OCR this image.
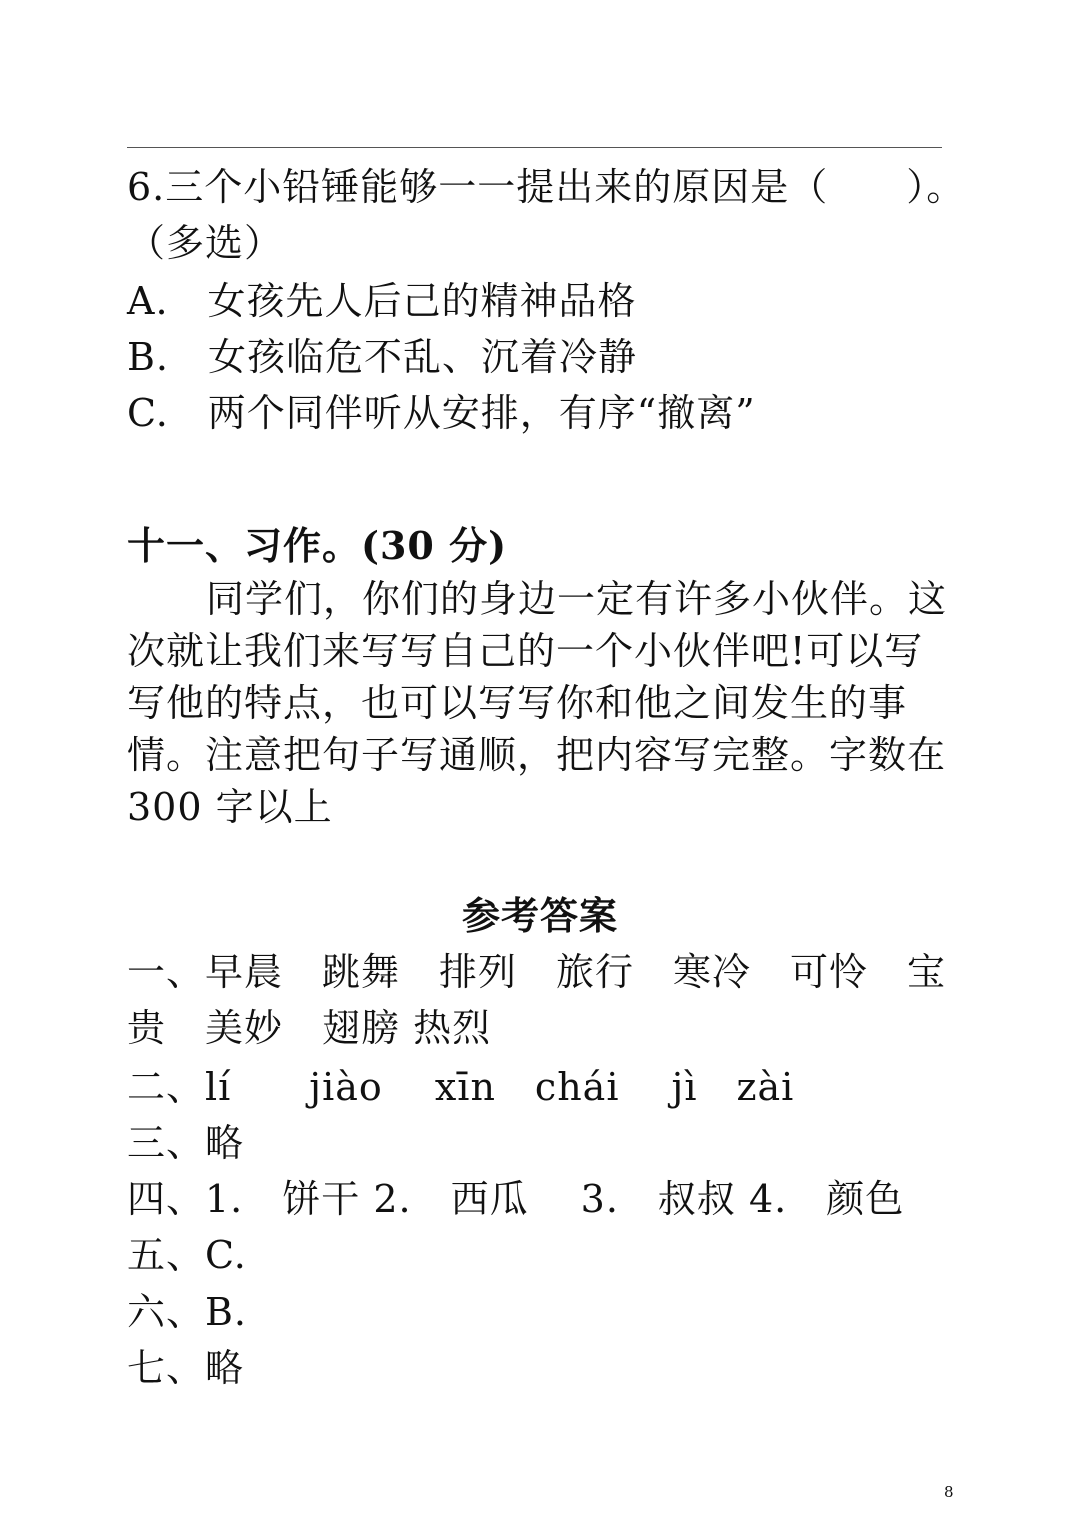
6.三个小铅锤能够一一提出来的原因是（　　）。
（多选）
A.　女孩先人后己的精神品格
B.　女孩临危不乱、沉着冷静
C.　两个同伴听从安排，有序“撤离”
十一、习作。(30 分)
同学们，你们的身边一定有许多小伙伴。这
次就让我们来写写自己的一个小伙伴吧!可以写
写他的特点，也可以写写你和他之间发生的事
情。注意把句子写通顺，把内容写完整。字数在
300 字以上
参考答案
一、早晨　跳舞　排列　旅行　寒冷　可怜　宝
贵　美妙　翅膀 热烈
二、lí　　jiào　 xīn　chái　 jì　zài
三、略
四、1.　饼干 2.　西瓜　 3.　叔叔 4.　颜色
五、C.
六、B.
七、略
8
